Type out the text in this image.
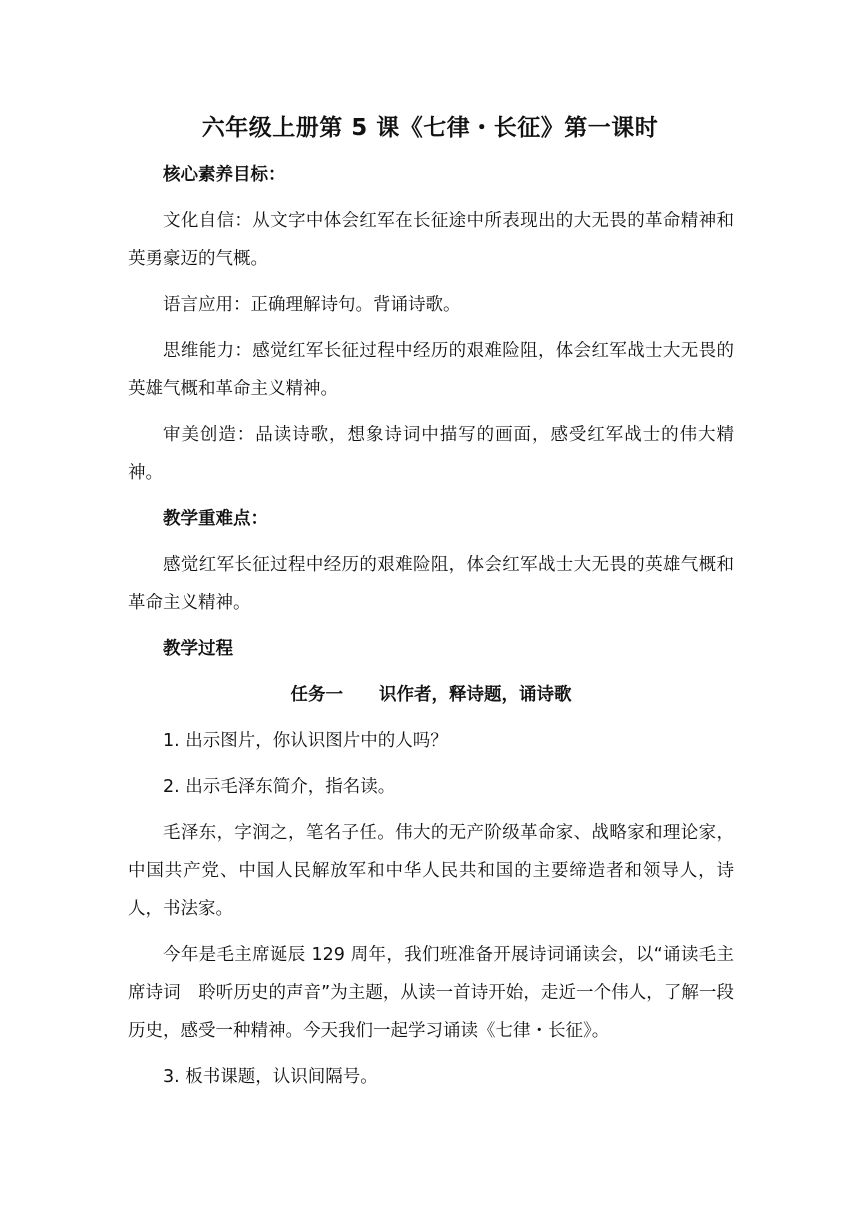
六年级上册第 5 课《七律・长征》第一课时

核心素养目标：

文化自信：从文字中体会红军在长征途中所表现出的大无畏的革命精神和英勇豪迈的气概。

语言应用：正确理解诗句。背诵诗歌。

思维能力：感觉红军长征过程中经历的艰难险阻，体会红军战士大无畏的英雄气概和革命主义精神。

审美创造：品读诗歌，想象诗词中描写的画面，感受红军战士的伟大精神。

教学重难点：

感觉红军长征过程中经历的艰难险阻，体会红军战士大无畏的英雄气概和革命主义精神。

教学过程

任务一 识作者，释诗题，诵诗歌

1. 出示图片，你认识图片中的人吗？

2. 出示毛泽东简介，指名读。

毛泽东，字润之，笔名子任。伟大的无产阶级革命家、战略家和理论家，中国共产党、中国人民解放军和中华人民共和国的主要缔造者和领导人，诗人，书法家。

今年是毛主席诞辰 129 周年，我们班准备开展诗词诵读会，以“诵读毛主席诗词　聆听历史的声音”为主题，从读一首诗开始，走近一个伟人，了解一段历史，感受一种精神。今天我们一起学习诵读《七律・长征》。

3. 板书课题，认识间隔号。
